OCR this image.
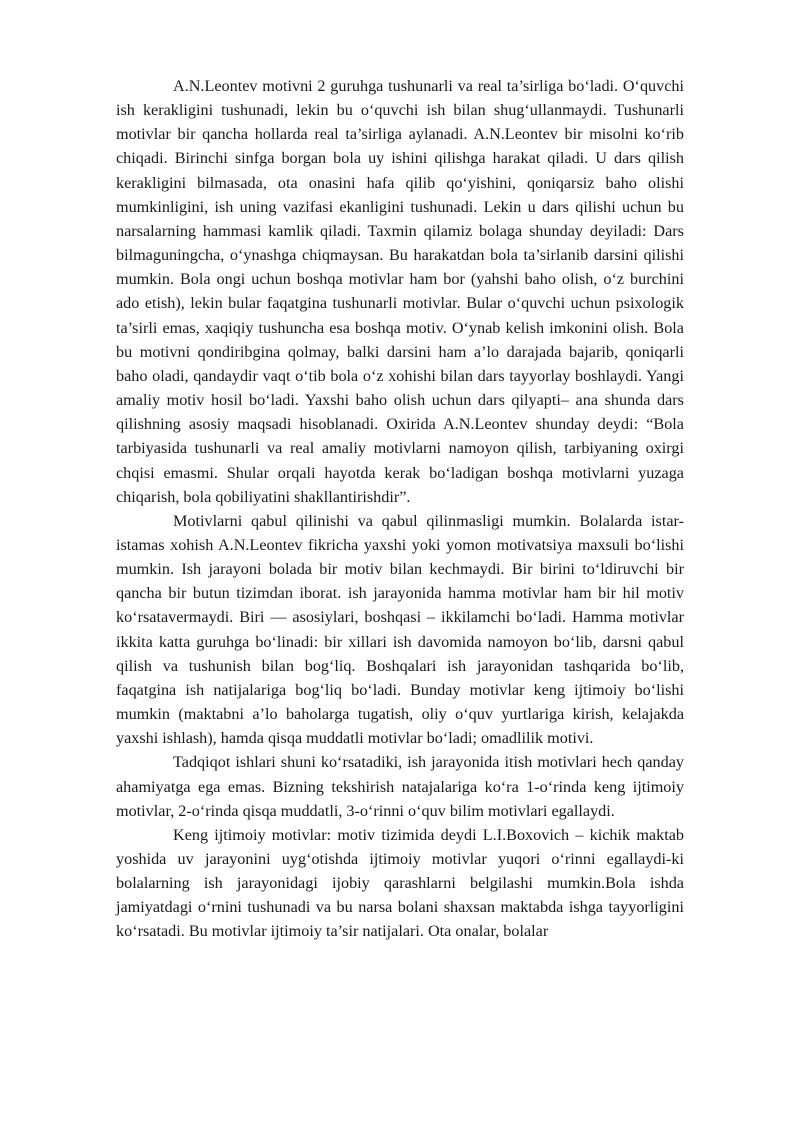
A.N.Leontev motivni 2 guruhga tushunarli va real ta’sirliga bo‘ladi. O‘quvchi ish kerakligini tushunadi, lekin bu o‘quvchi ish bilan shug‘ullanmaydi. Tushunarli motivlar bir qancha hollarda real ta’sirliga aylanadi. A.N.Leontev bir misolni ko‘rib chiqadi. Birinchi sinfga borgan bola uy ishini qilishga harakat qiladi. U dars qilish kerakligini bilmasada, ota onasini hafa qilib qo‘yishini, qoniqarsiz baho olishi mumkinligini, ish uning vazifasi ekanligini tushunadi. Lekin u dars qilishi uchun bu narsalarning hammasi kamlik qiladi. Taxmin qilamiz bolaga shunday deyiladi: Dars bilmaguningcha, o‘ynashga chiqmaysan. Bu harakatdan bola ta’sirlanib darsini qilishi mumkin. Bola ongi uchun boshqa motivlar ham bor (yahshi baho olish, o‘z burchini ado etish), lekin bular faqatgina tushunarli motivlar. Bular o‘quvchi uchun psixologik ta’sirli emas, xaqiqiy tushuncha esa boshqa motiv. O‘ynab kelish imkonini olish. Bola bu motivni qondiribgina qolmay, balki darsini ham a’lo darajada bajarib, qoniqarli baho oladi, qandaydir vaqt o‘tib bola o‘z xohishi bilan dars tayyorlay boshlaydi. Yangi amaliy motiv hosil bo‘ladi. Yaxshi baho olish uchun dars qilyapti– ana shunda dars qilishning asosiy maqsadi hisoblanadi. Oxirida A.N.Leontev shunday deydi: “Bola tarbiyasida tushunarli va real amaliy motivlarni namoyon qilish, tarbiyaning oxirgi chqisi emasmi. Shular orqali hayotda kerak bo‘ladigan boshqa motivlarni yuzaga chiqarish, bola qobiliyatini shakllantirishdir”.

Motivlarni qabul qilinishi va qabul qilinmasligi mumkin. Bolalarda istar-istamas xohish A.N.Leontev fikricha yaxshi yoki yomon motivatsiya maxsuli bo‘lishi mumkin. Ish jarayoni bolada bir motiv bilan kechmaydi. Bir birini to‘ldiruvchi bir qancha bir butun tizimdan iborat. ish jarayonida hamma motivlar ham bir hil motiv ko‘rsatavermaydi. Biri — asosiylari, boshqasi – ikkilamchi bo‘ladi. Hamma motivlar ikkita katta guruhga bo‘linadi: bir xillari ish davomida namoyon bo‘lib, darsni qabul qilish va tushunish bilan bog‘liq. Boshqalari ish jarayonidan tashqarida bo‘lib, faqatgina ish natijalariga bog‘liq bo‘ladi. Bunday motivlar keng ijtimoiy bo‘lishi mumkin (maktabni a’lo baholarga tugatish, oliy o‘quv yurtlariga kirish, kelajakda yaxshi ishlash), hamda qisqa muddatli motivlar bo‘ladi; omadlilik motivi.

Tadqiqot ishlari shuni ko‘rsatadiki, ish jarayonida itish motivlari hech qanday ahamiyatga ega emas. Bizning tekshirish natajalariga ko‘ra 1-o‘rinda keng ijtimoiy motivlar, 2-o‘rinda qisqa muddatli, 3-o‘rinni o‘quv bilim motivlari egallaydi.

Keng ijtimoiy motivlar: motiv tizimida deydi L.I.Boxovich – kichik maktab yoshida uv jarayonini uyg‘otishda ijtimoiy motivlar yuqori o‘rinni egallaydi-ki bolalarning ish jarayonidagi ijobiy qarashlarni belgilashi mumkin.Bola ishda jamiyatdagi o‘rnini tushunadi va bu narsa bolani shaxsan maktabda ishga tayyorligini ko‘rsatadi. Bu motivlar ijtimoiy ta’sir natijalari. Ota onalar, bolalar
